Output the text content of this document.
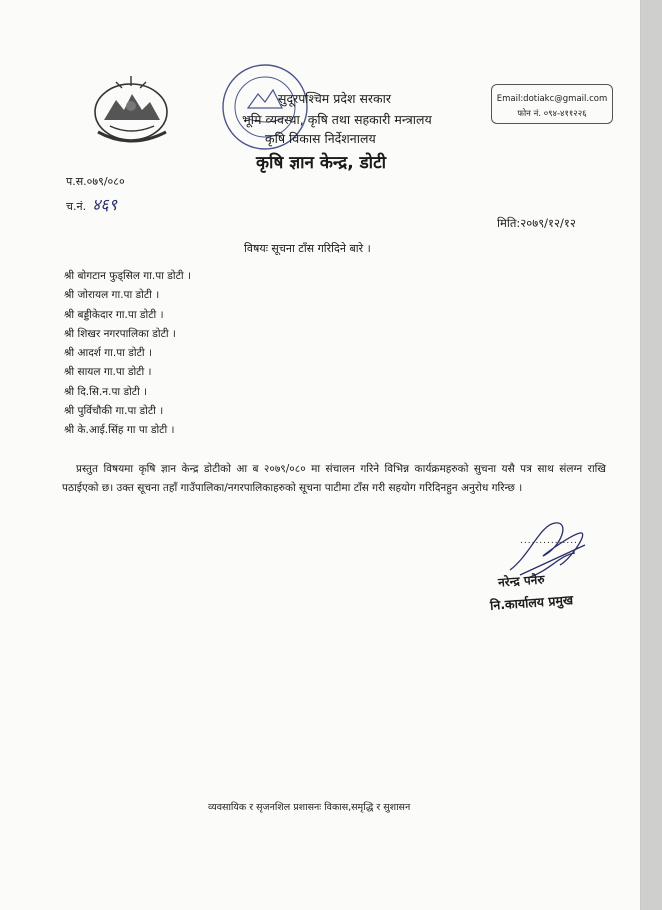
सुदूरपश्चिम प्रदेश सरकार
भूमि व्यवस्था, कृषि तथा सहकारी मन्त्रालय
कृषि विकास निर्देशनालय
कृषि ज्ञान केन्द्र, डोटी
Email:dotiakc@gmail.com
फोन नं. ०९४-४११२२६
प.स.०७९/०८०
च.नं. ४६९
मिति:२०७९/१२/१२
विषयः सूचना टाँस गरिदिने बारे ।
श्री बोगटान फुड्सिल गा.पा डोटी ।
श्री जोरायल गा.पा डोटी ।
श्री बड्डीकेदार गा.पा डोटी ।
श्री शिखर नगरपालिका डोटी ।
श्री आदर्श गा.पा डोटी ।
श्री सायल गा.पा डोटी ।
श्री दि.सि.न.पा डोटी ।
श्री पुर्विचौकी गा.पा डोटी ।
श्री के.आई.सिंह गा पा डोटी ।
प्रस्तुत विषयमा कृषि ज्ञान केन्द्र डोटीको आ ब २०७९/०८० मा संचालन गरिने विभिन्न कार्यक्रमहरुको सुचना यसै पत्र साथ संलग्न राखि पठाईएको छ। उक्त सूचना तहाँ गाउँपालिका/नगरपालिकाहरुको सूचना पाटीमा टाँस गरी सहयोग गरिदिनहुन अनुरोध गरिन्छ ।
...............
नरेन्द्र पनेरु
नि.कार्यालय प्रमुख
व्यवसायिक र सृजनशिल प्रशासनः विकास,समृद्धि र सुशासन
